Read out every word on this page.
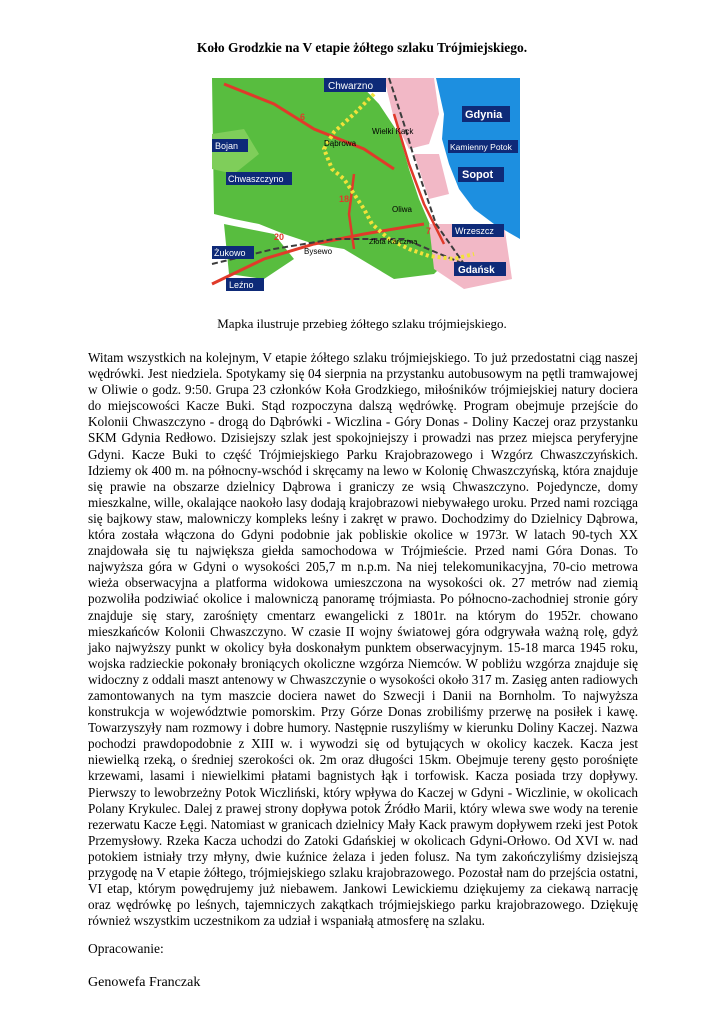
Koło Grodzkie na V etapie żółtego szlaku Trójmiejskiego.
Chwarzno
Gdynia
Kamienny Potok
Sopot
Wrzeszcz
Gdańsk
Bojan
Chwaszczyno
Żukowo
Leźno
Oliwa
Bysewo
Dąbrowa
Wielki Kack
Złota Karczma
6
7
20
18
Mapka ilustruje przebieg żółtego szlaku trójmiejskiego.

Witam wszystkich na kolejnym, V etapie żółtego szlaku trójmiejskiego. To już przedostatni ciąg naszej wędrówki. Jest niedziela. Spotykamy się 04 sierpnia na przystanku autobusowym na pętli tramwajowej w Oliwie o godz. 9:50. Grupa 23 członków Koła Grodzkiego, miłośników trójmiejskiej natury dociera do miejscowości Kacze Buki. Stąd rozpoczyna dalszą wędrówkę. Program obejmuje przejście do Kolonii Chwaszczyno - drogą do Dąbrówki - Wiczlina - Góry Donas - Doliny Kaczej oraz przystanku SKM Gdynia Redłowo. Dzisiejszy szlak jest spokojniejszy i prowadzi nas przez miejsca peryferyjne Gdyni. Kacze Buki to część Trójmiejskiego Parku Krajobrazowego i Wzgórz Chwaszczyńskich. Idziemy ok 400 m. na północny-wschód i skręcamy na lewo w Kolonię Chwaszczyńską, która znajduje się prawie na obszarze dzielnicy Dąbrowa i graniczy ze wsią Chwaszczyno. Pojedyncze, domy mieszkalne, wille, okalające naokoło lasy dodają krajobrazowi niebywałego uroku. Przed nami rozciąga się bajkowy staw, malowniczy kompleks leśny i zakręt w prawo. Dochodzimy do Dzielnicy Dąbrowa, która została włączona do Gdyni podobnie jak pobliskie okolice w 1973r. W latach 90-tych XX znajdowała się tu największa giełda samochodowa w Trójmieście. Przed nami Góra Donas. To najwyższa góra w Gdyni o wysokości 205,7 m n.p.m. Na niej telekomunikacyjna, 70-cio metrowa wieża obserwacyjna a platforma widokowa umieszczona na wysokości ok. 27 metrów nad ziemią pozwoliła podziwiać okolice i malowniczą panoramę trójmiasta. Po północno-zachodniej stronie góry znajduje się stary, zarośnięty cmentarz ewangelicki z 1801r. na którym do 1952r. chowano mieszkańców Kolonii Chwaszczyno. W czasie II wojny światowej góra odgrywała ważną rolę, gdyż jako najwyższy punkt w okolicy była doskonałym punktem obserwacyjnym. 15-18 marca 1945 roku, wojska radzieckie pokonały broniących okoliczne wzgórza Niemców. W pobliżu wzgórza znajduje się widoczny z oddali maszt antenowy w Chwaszczynie o wysokości około 317 m. Zasięg anten radiowych zamontowanych na tym maszcie dociera nawet do Szwecji i Danii na Bornholm. To najwyższa konstrukcja w województwie pomorskim. Przy Górze Donas zrobiliśmy przerwę na posiłek i kawę. Towarzyszyły nam rozmowy i dobre humory. Następnie ruszyliśmy w kierunku Doliny Kaczej. Nazwa pochodzi prawdopodobnie z XIII w. i wywodzi się od bytujących w okolicy kaczek. Kacza jest niewielką rzeką, o średniej szerokości ok. 2m oraz długości 15km. Obejmuje tereny gęsto porośnięte krzewami, lasami i niewielkimi płatami bagnistych łąk i torfowisk. Kacza posiada trzy dopływy. Pierwszy to lewobrzeżny Potok Wiczliński, który wpływa do Kaczej w Gdyni - Wiczlinie, w okolicach Polany Krykulec. Dalej z prawej strony dopływa potok Źródło Marii, który wlewa swe wody na terenie rezerwatu Kacze Łęgi. Natomiast w granicach dzielnicy Mały Kack prawym dopływem rzeki jest Potok Przemysłowy. Rzeka Kacza uchodzi do Zatoki Gdańskiej w okolicach Gdyni-Orłowo. Od XVI w. nad potokiem istniały trzy młyny, dwie kuźnice żelaza i jeden folusz. Na tym zakończyliśmy dzisiejszą przygodę na V etapie żółtego, trójmiejskiego szlaku krajobrazowego. Pozostał nam do przejścia ostatni, VI etap, którym powędrujemy już niebawem. Jankowi Lewickiemu dziękujemy za ciekawą narrację oraz wędrówkę po leśnych, tajemniczych zakątkach trójmiejskiego parku krajobrazowego. Dziękuję również wszystkim uczestnikom za udział i wspaniałą atmosferę na szlaku.

Opracowanie:
Genowefa Franczak
